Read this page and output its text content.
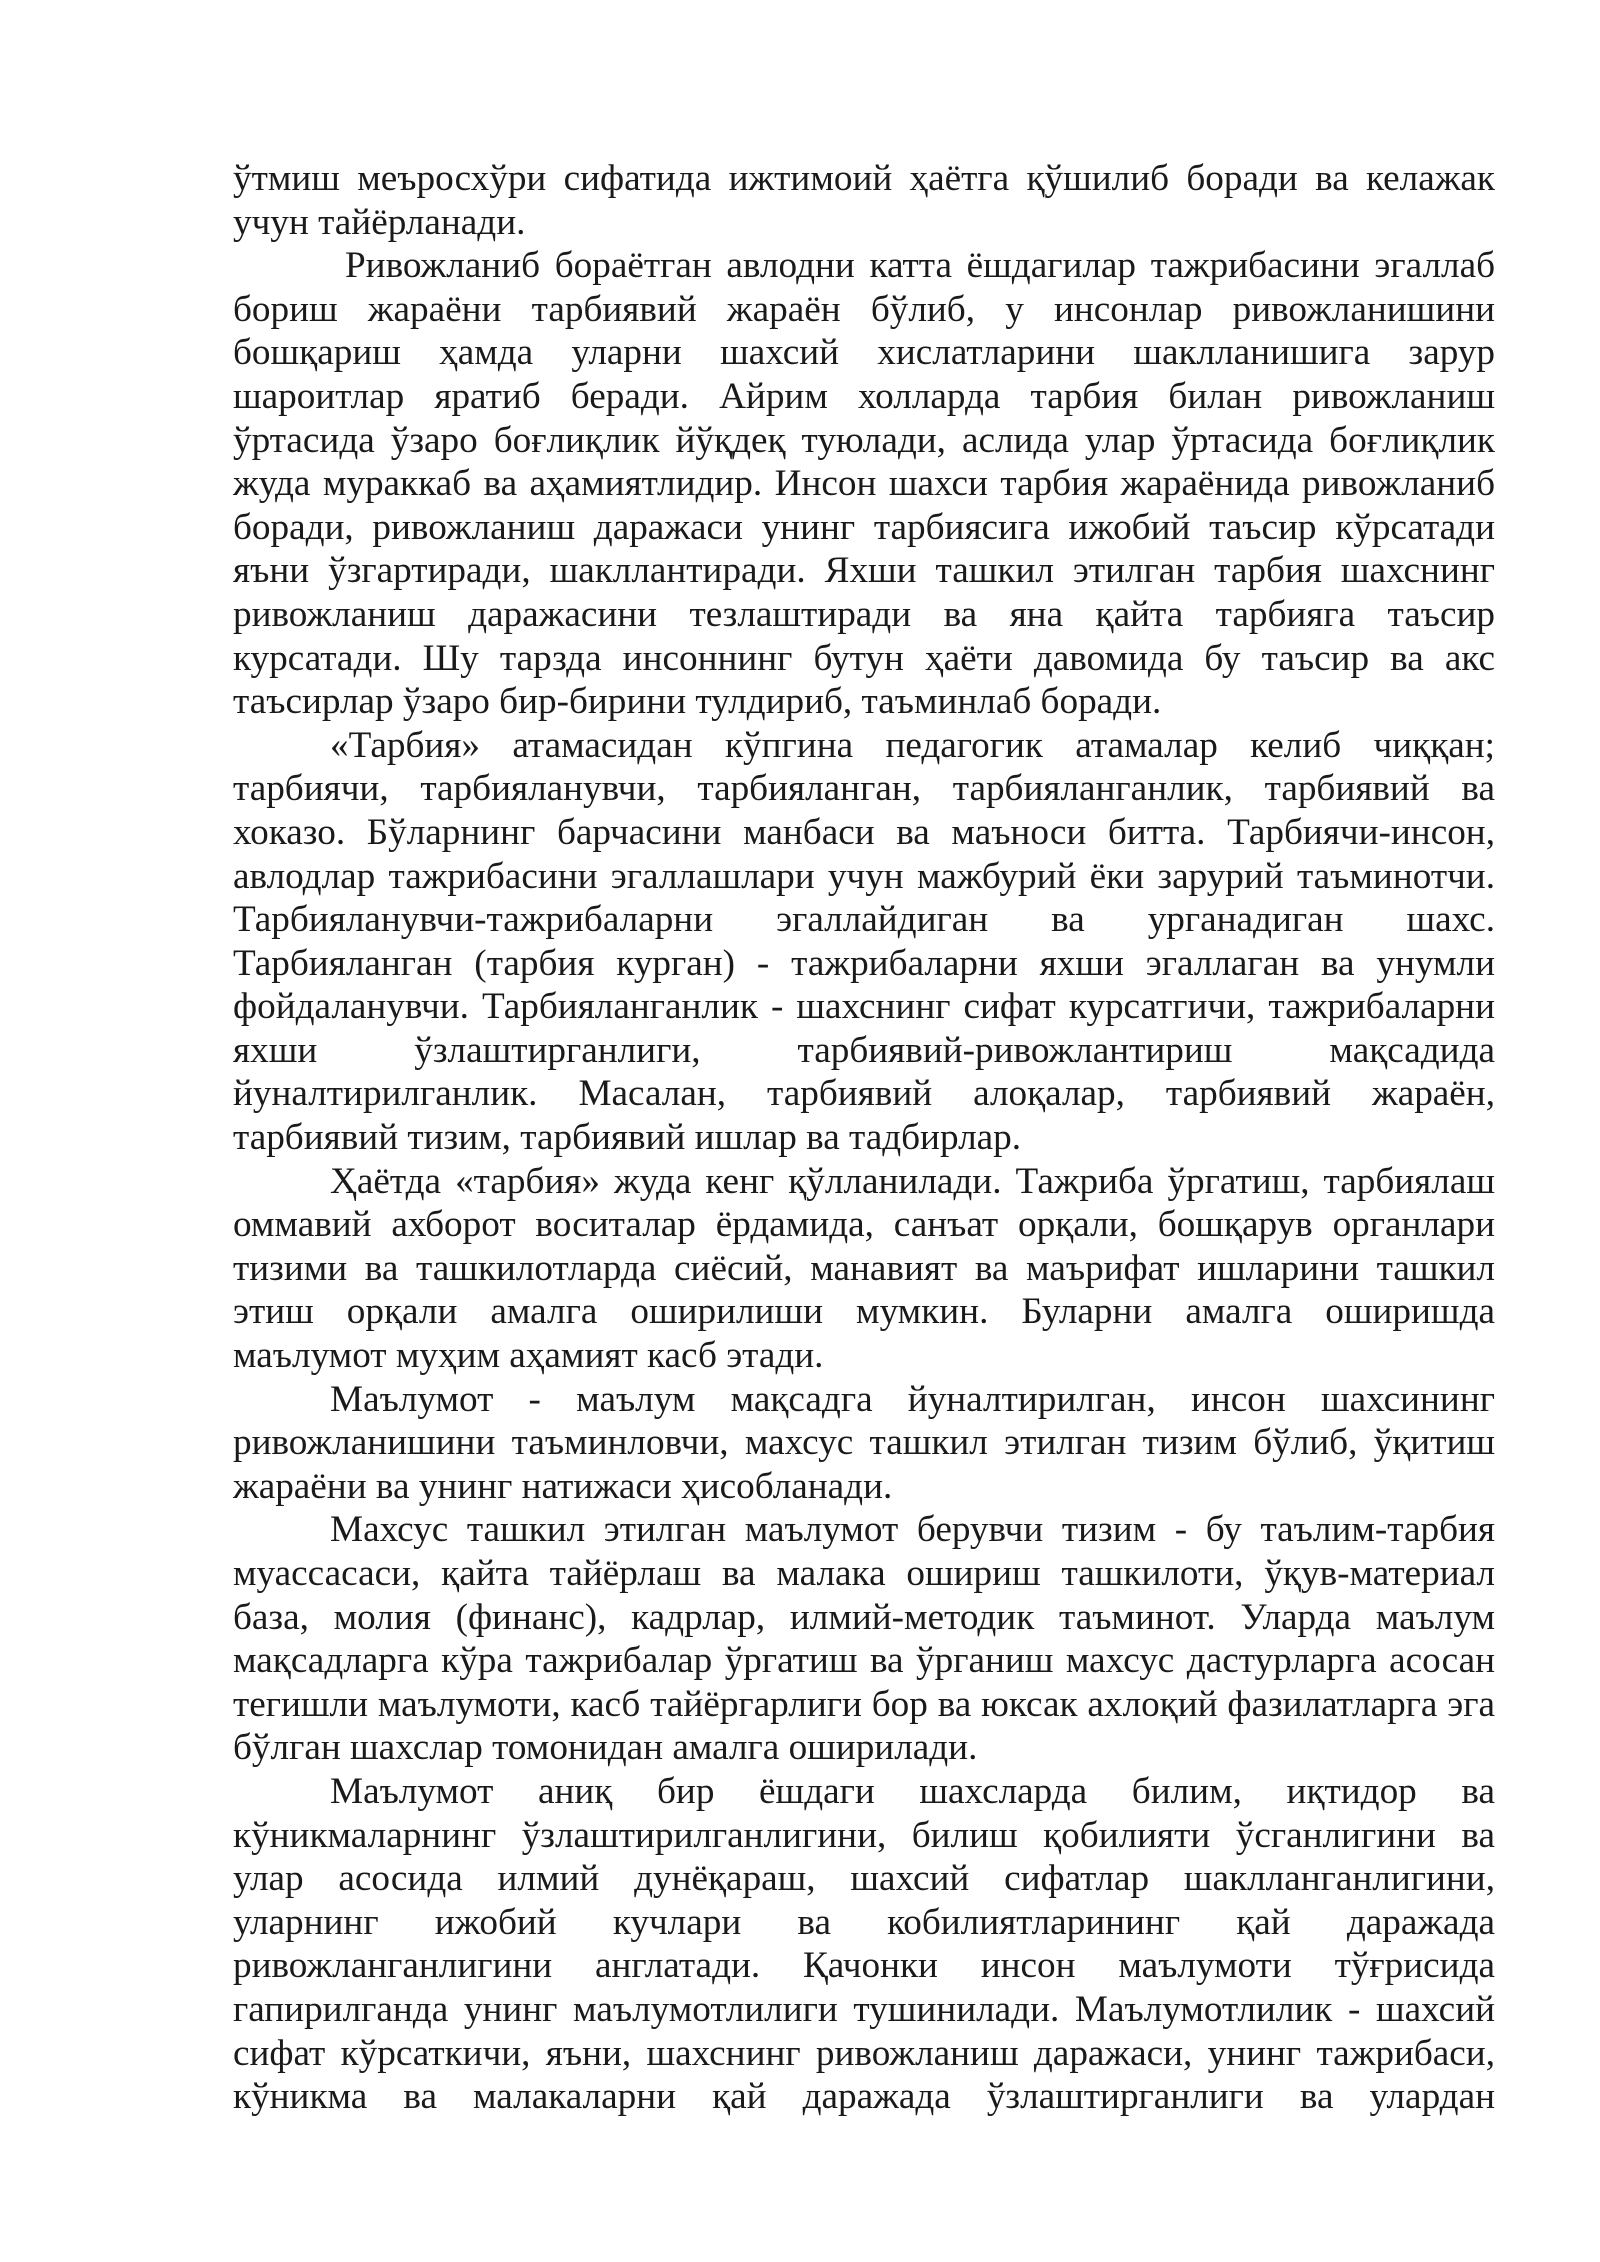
ўтмиш меъросхўри сифатида ижтимоий ҳаётга қўшилиб боради ва келажак
учун тайёрланади.
Ривожланиб бораётган авлодни катта ёшдагилар тажрибасини эгаллаб
бориш жараёни тарбиявий жараён бўлиб, у инсонлар ривожланишини
бошқариш ҳамда уларни шахсий хислатларини шаклланишига зарур
шароитлар яратиб беради. Айрим холларда тарбия билан ривожланиш
ўртасида ўзаро боғлиқлик йўқдеқ туюлади, аслида улар ўртасида боғлиқлик
жуда мураккаб ва аҳамиятлидир. Инсон шахси тарбия жараёнида ривожланиб
боради, ривожланиш даражаси унинг тарбиясига ижобий таъсир кўрсатади
яъни ўзгартиради, шакллантиради. Яхши ташкил этилган тарбия шахснинг
ривожланиш даражасини тезлаштиради ва яна қайта тарбияга таъсир
курсатади. Шу тарзда инсоннинг бутун ҳаёти давомида бу таъсир ва акс
таъсирлар ўзаро бир-бирини тулдириб, таъминлаб боради.
«Тарбия» атамасидан кўпгина педагогик атамалар келиб чиққан;
тарбиячи, тарбияланувчи, тарбияланган, тарбияланганлик, тарбиявий ва
хоказо. Бўларнинг барчасини манбаси ва маъноси битта. Тарбиячи-инсон,
авлодлар тажрибасини эгаллашлари учун мажбурий ёки зарурий таъминотчи.
Тарбияланувчи-тажрибаларни эгаллайдиган ва урганадиган шахс.
Тарбияланган (тарбия курган) - тажрибаларни яхши эгаллаган ва унумли
фойдаланувчи. Тарбияланганлик - шахснинг сифат курсатгичи, тажрибаларни
яхши ўзлаштирганлиги, тарбиявий-ривожлантириш мақсадида
йуналтирилганлик. Масалан, тарбиявий алоқалар, тарбиявий жараён,
тарбиявий тизим, тарбиявий ишлар ва тадбирлар.
Ҳаётда «тарбия» жуда кенг қўлланилади. Тажриба ўргатиш, тарбиялаш
оммавий ахборот воситалар ёрдамида, санъат орқали, бошқарув органлари
тизими ва ташкилотларда сиёсий, манавият ва маърифат ишларини ташкил
этиш орқали амалга оширилиши мумкин. Буларни амалга оширишда
маълумот муҳим аҳамият касб этади.
Маълумот - маълум мақсадга йуналтирилган, инсон шахсининг
ривожланишини таъминловчи, махсус ташкил этилган тизим бўлиб, ўқитиш
жараёни ва унинг натижаси ҳисобланади.
Махсус ташкил этилган маълумот берувчи тизим - бу таълим-тарбия
муассасаси, қайта тайёрлаш ва малака ошириш ташкилоти, ўқув-материал
база, молия (финанс), кадрлар, илмий-методик таъминот. Уларда маълум
мақсадларга кўра тажрибалар ўргатиш ва ўрганиш махсус дастурларга асосан
тегишли маълумоти, касб тайёргарлиги бор ва юксак ахлоқий фазилатларга эга
бўлган шахслар томонидан амалга оширилади.
Маълумот аниқ бир ёшдаги шахсларда билим, иқтидор ва
кўникмаларнинг ўзлаштирилганлигини, билиш қобилияти ўсганлигини ва
улар асосида илмий дунёқараш, шахсий сифатлар шаклланганлигини,
уларнинг ижобий кучлари ва кобилиятларининг қай даражада
ривожланганлигини англатади. Қачонки инсон маълумоти тўғрисида
гапирилганда унинг маълумотлилиги тушинилади. Маълумотлилик - шахсий
сифат кўрсаткичи, яъни, шахснинг ривожланиш даражаси, унинг тажрибаси,
кўникма ва малакаларни қай даражада ўзлаштирганлиги ва улардан
